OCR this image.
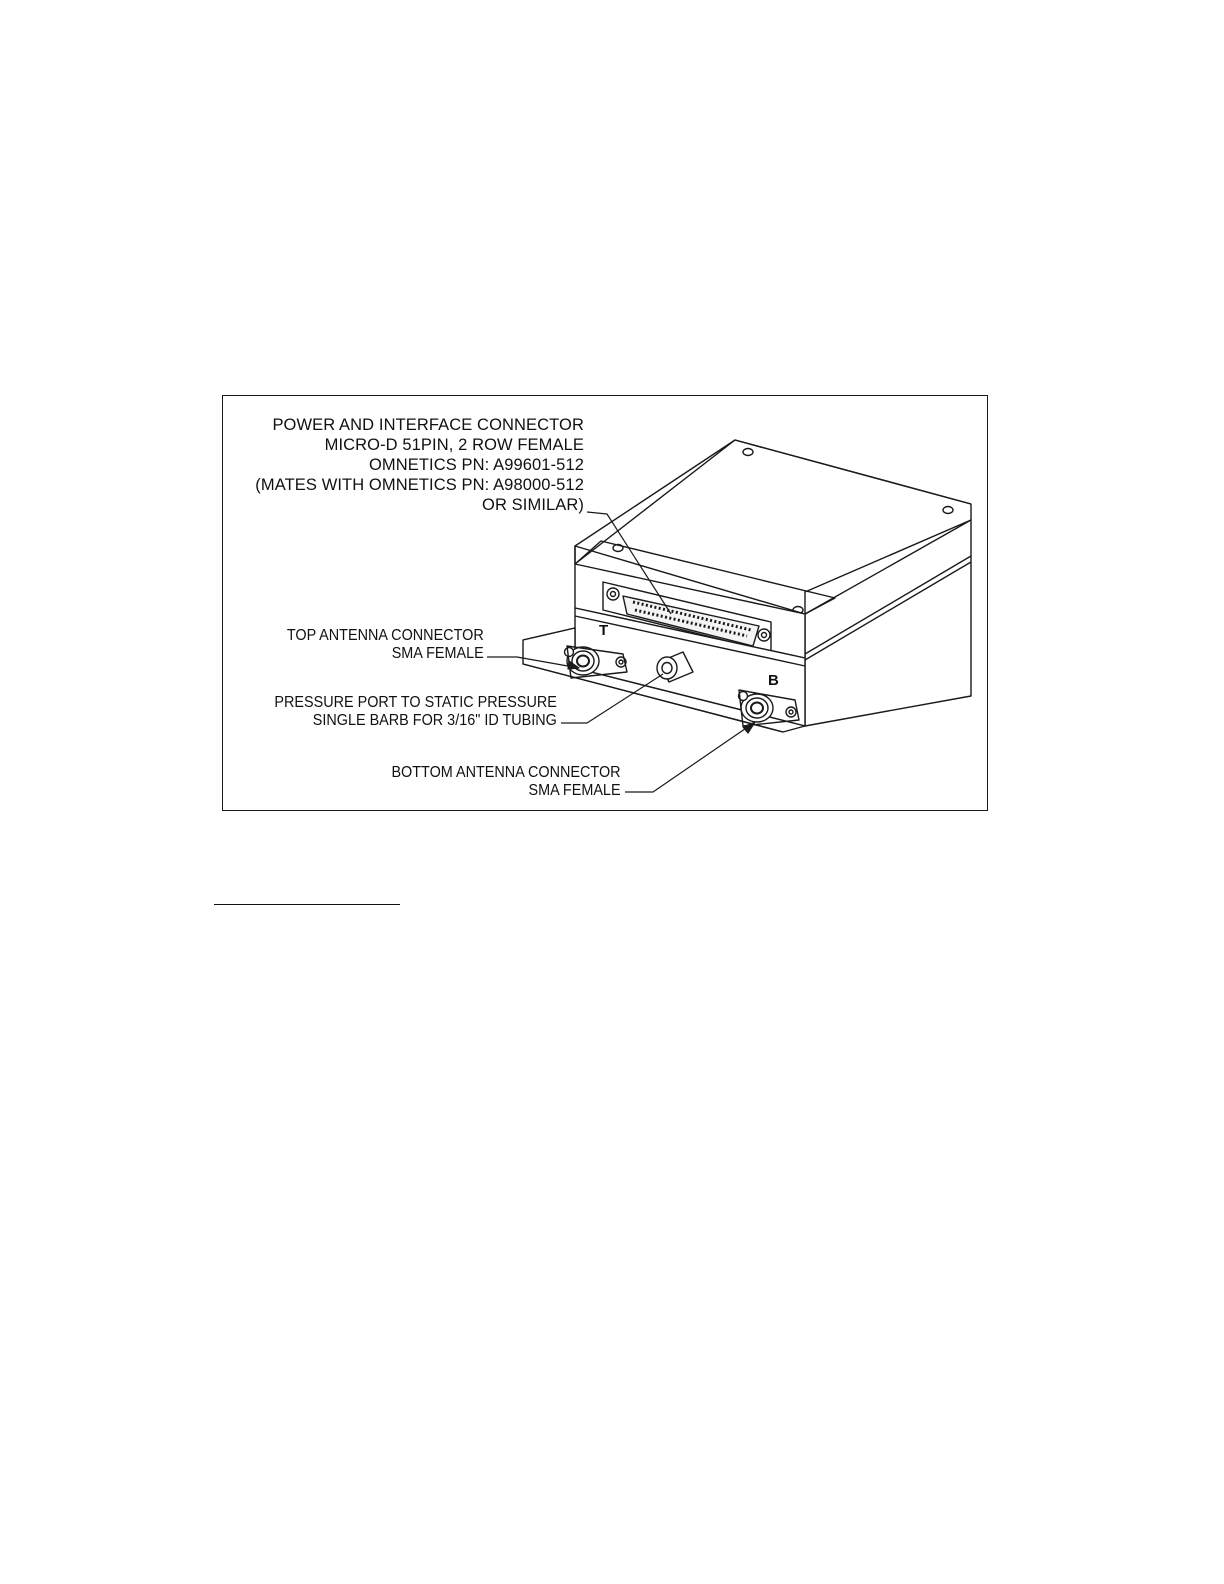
T
B
POWER AND INTERFACE CONNECTOR
MICRO-D 51PIN, 2 ROW FEMALE
OMNETICS PN: A99601-512
(MATES WITH OMNETICS PN: A98000-512
OR SIMILAR)
TOP ANTENNA CONNECTOR
SMA FEMALE
PRESSURE PORT TO STATIC PRESSURE
SINGLE BARB FOR 3/16" ID TUBING
BOTTOM ANTENNA CONNECTOR
SMA FEMALE
